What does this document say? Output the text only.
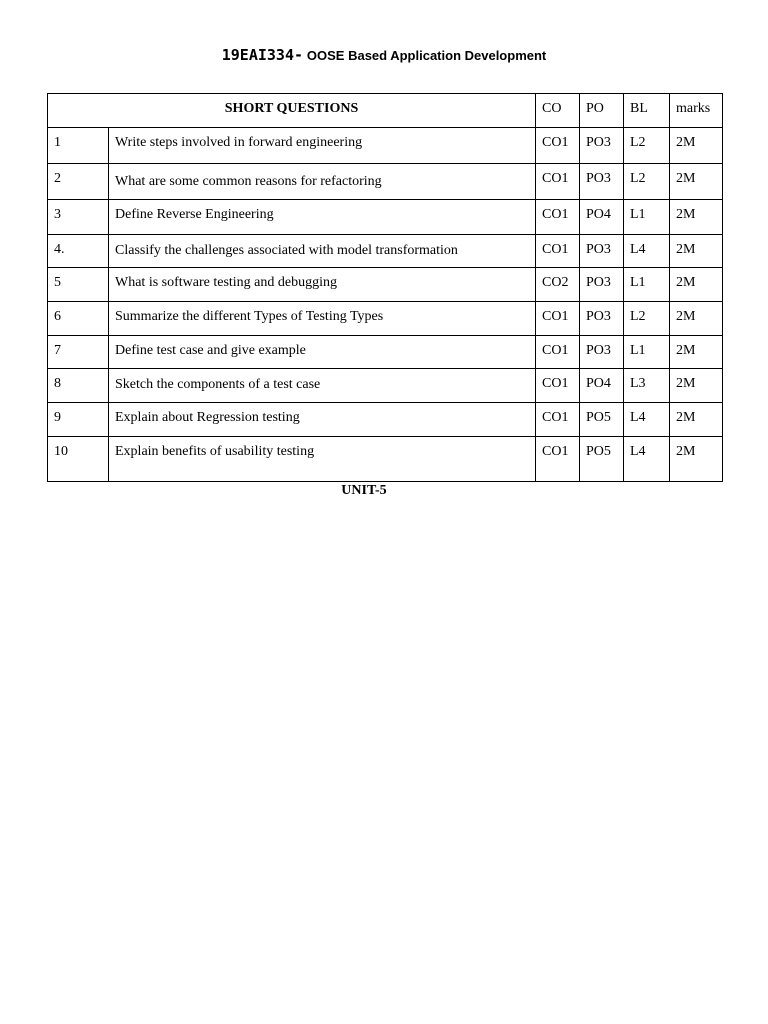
19EAI334- OOSE Based Application Development
SHORT QUESTIONS		CO	PO	BL	marks
1	Write steps involved in forward engineering	CO1	PO3	L2	2M
2	What are some common reasons for refactoring	CO1	PO3	L2	2M
3	Define Reverse Engineering	CO1	PO4	L1	2M
4.	Classify the challenges associated with model transformation	CO1	PO3	L4	2M
5	What is software testing and debugging	CO2	PO3	L1	2M
6	Summarize the different Types of Testing Types	CO1	PO3	L2	2M
7	Define test case and give example	CO1	PO3	L1	2M
8	Sketch the components of a test case	CO1	PO4	L3	2M
9	Explain about Regression testing	CO1	PO5	L4	2M
10	Explain benefits of usability testing	CO1	PO5	L4	2M
UNIT-5
